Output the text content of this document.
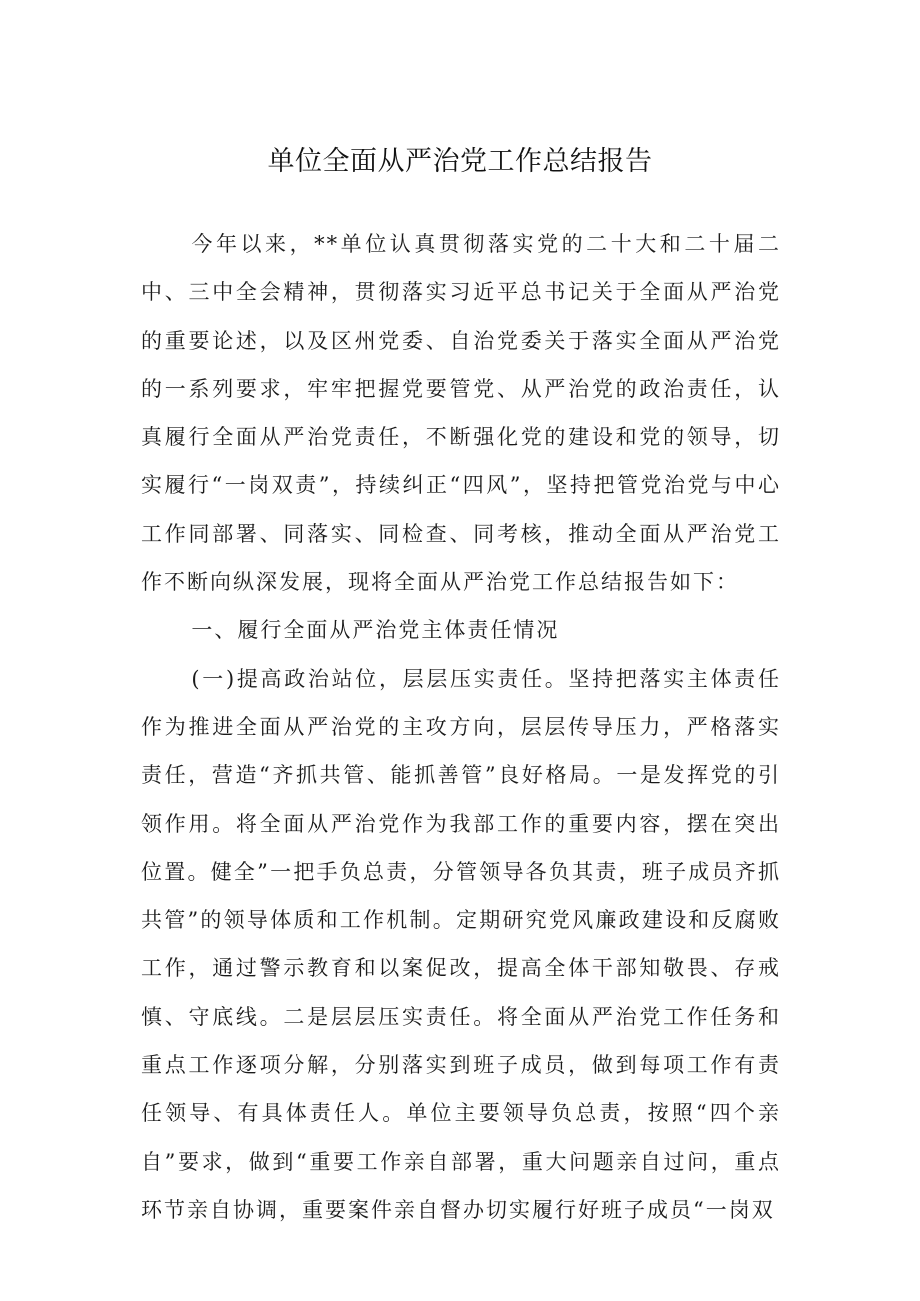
单位全面从严治党工作总结报告

今年以来，**单位认真贯彻落实党的二十大和二十届二中、三中全会精神，贯彻落实习近平总书记关于全面从严治党的重要论述，以及区州党委、自治党委关于落实全面从严治党的一系列要求，牢牢把握党要管党、从严治党的政治责任，认真履行全面从严治党责任，不断强化党的建设和党的领导，切实履行“一岗双责”，持续纠正“四风”，坚持把管党治党与中心工作同部署、同落实、同检查、同考核，推动全面从严治党工作不断向纵深发展，现将全面从严治党工作总结报告如下：

一、履行全面从严治党主体责任情况

(一)提高政治站位，层层压实责任。坚持把落实主体责任作为推进全面从严治党的主攻方向，层层传导压力，严格落实责任，营造“齐抓共管、能抓善管”良好格局。一是发挥党的引领作用。将全面从严治党作为我部工作的重要内容，摆在突出位置。健全”一把手负总责，分管领导各负其责，班子成员齐抓共管”的领导体质和工作机制。定期研究党风廉政建设和反腐败工作，通过警示教育和以案促改，提高全体干部知敬畏、存戒慎、守底线。二是层层压实责任。将全面从严治党工作任务和重点工作逐项分解，分别落实到班子成员，做到每项工作有责任领导、有具体责任人。单位主要领导负总责，按照“四个亲自”要求，做到“重要工作亲自部署，重大问题亲自过问，重点环节亲自协调，重要案件亲自督办切实履行好班子成员“一岗双
